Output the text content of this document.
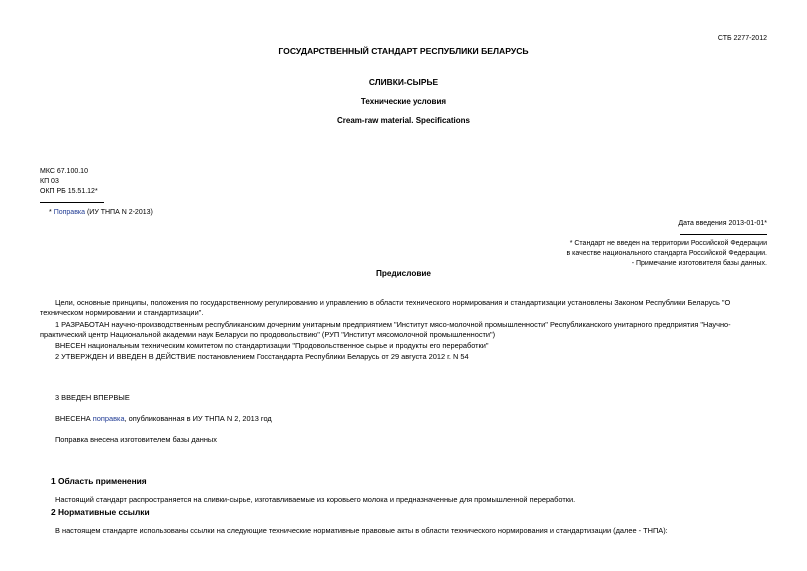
СТБ 2277-2012
ГОСУДАРСТВЕННЫЙ СТАНДАРТ РЕСПУБЛИКИ БЕЛАРУСЬ
СЛИВКИ-СЫРЬЕ
Технические условия
Cream-raw material. Specifications
МКС 67.100.10
КП 03
ОКП РБ 15.51.12*
* Поправка (ИУ ТНПА N 2-2013)
Дата введения 2013-01-01*
* Стандарт не введен на территории Российской Федерации
в качестве национального стандарта Российской Федерации.
- Примечание изготовителя базы данных.
Предисловие
Цели, основные принципы, положения по государственному регулированию и управлению в области технического нормирования и стандартизации установлены Законом Республики Беларусь "О техническом нормировании и стандартизации".
1 РАЗРАБОТАН научно-производственным республиканским дочерним унитарным предприятием "Институт мясо-молочной промышленности" Республиканского унитарного предприятия "Научно-практический центр Национальной академии наук Беларуси по продовольствию" (РУП "Институт мясомолочной промышленности")
ВНЕСЕН национальным техническим комитетом по стандартизации "Продовольственное сырье и продукты его переработки"
2 УТВЕРЖДЕН И ВВЕДЕН В ДЕЙСТВИЕ постановлением Госстандарта Республики Беларусь от 29 августа 2012 г. N 54
3 ВВЕДЕН ВПЕРВЫЕ
ВНЕСЕНА поправка, опубликованная в ИУ ТНПА N 2, 2013 год
Поправка внесена изготовителем базы данных
1 Область применения
Настоящий стандарт распространяется на сливки-сырье, изготавливаемые из коровьего молока и предназначенные для промышленной переработки.
2 Нормативные ссылки
В настоящем стандарте использованы ссылки на следующие технические нормативные правовые акты в области технического нормирования и стандартизации (далее - ТНПА):
